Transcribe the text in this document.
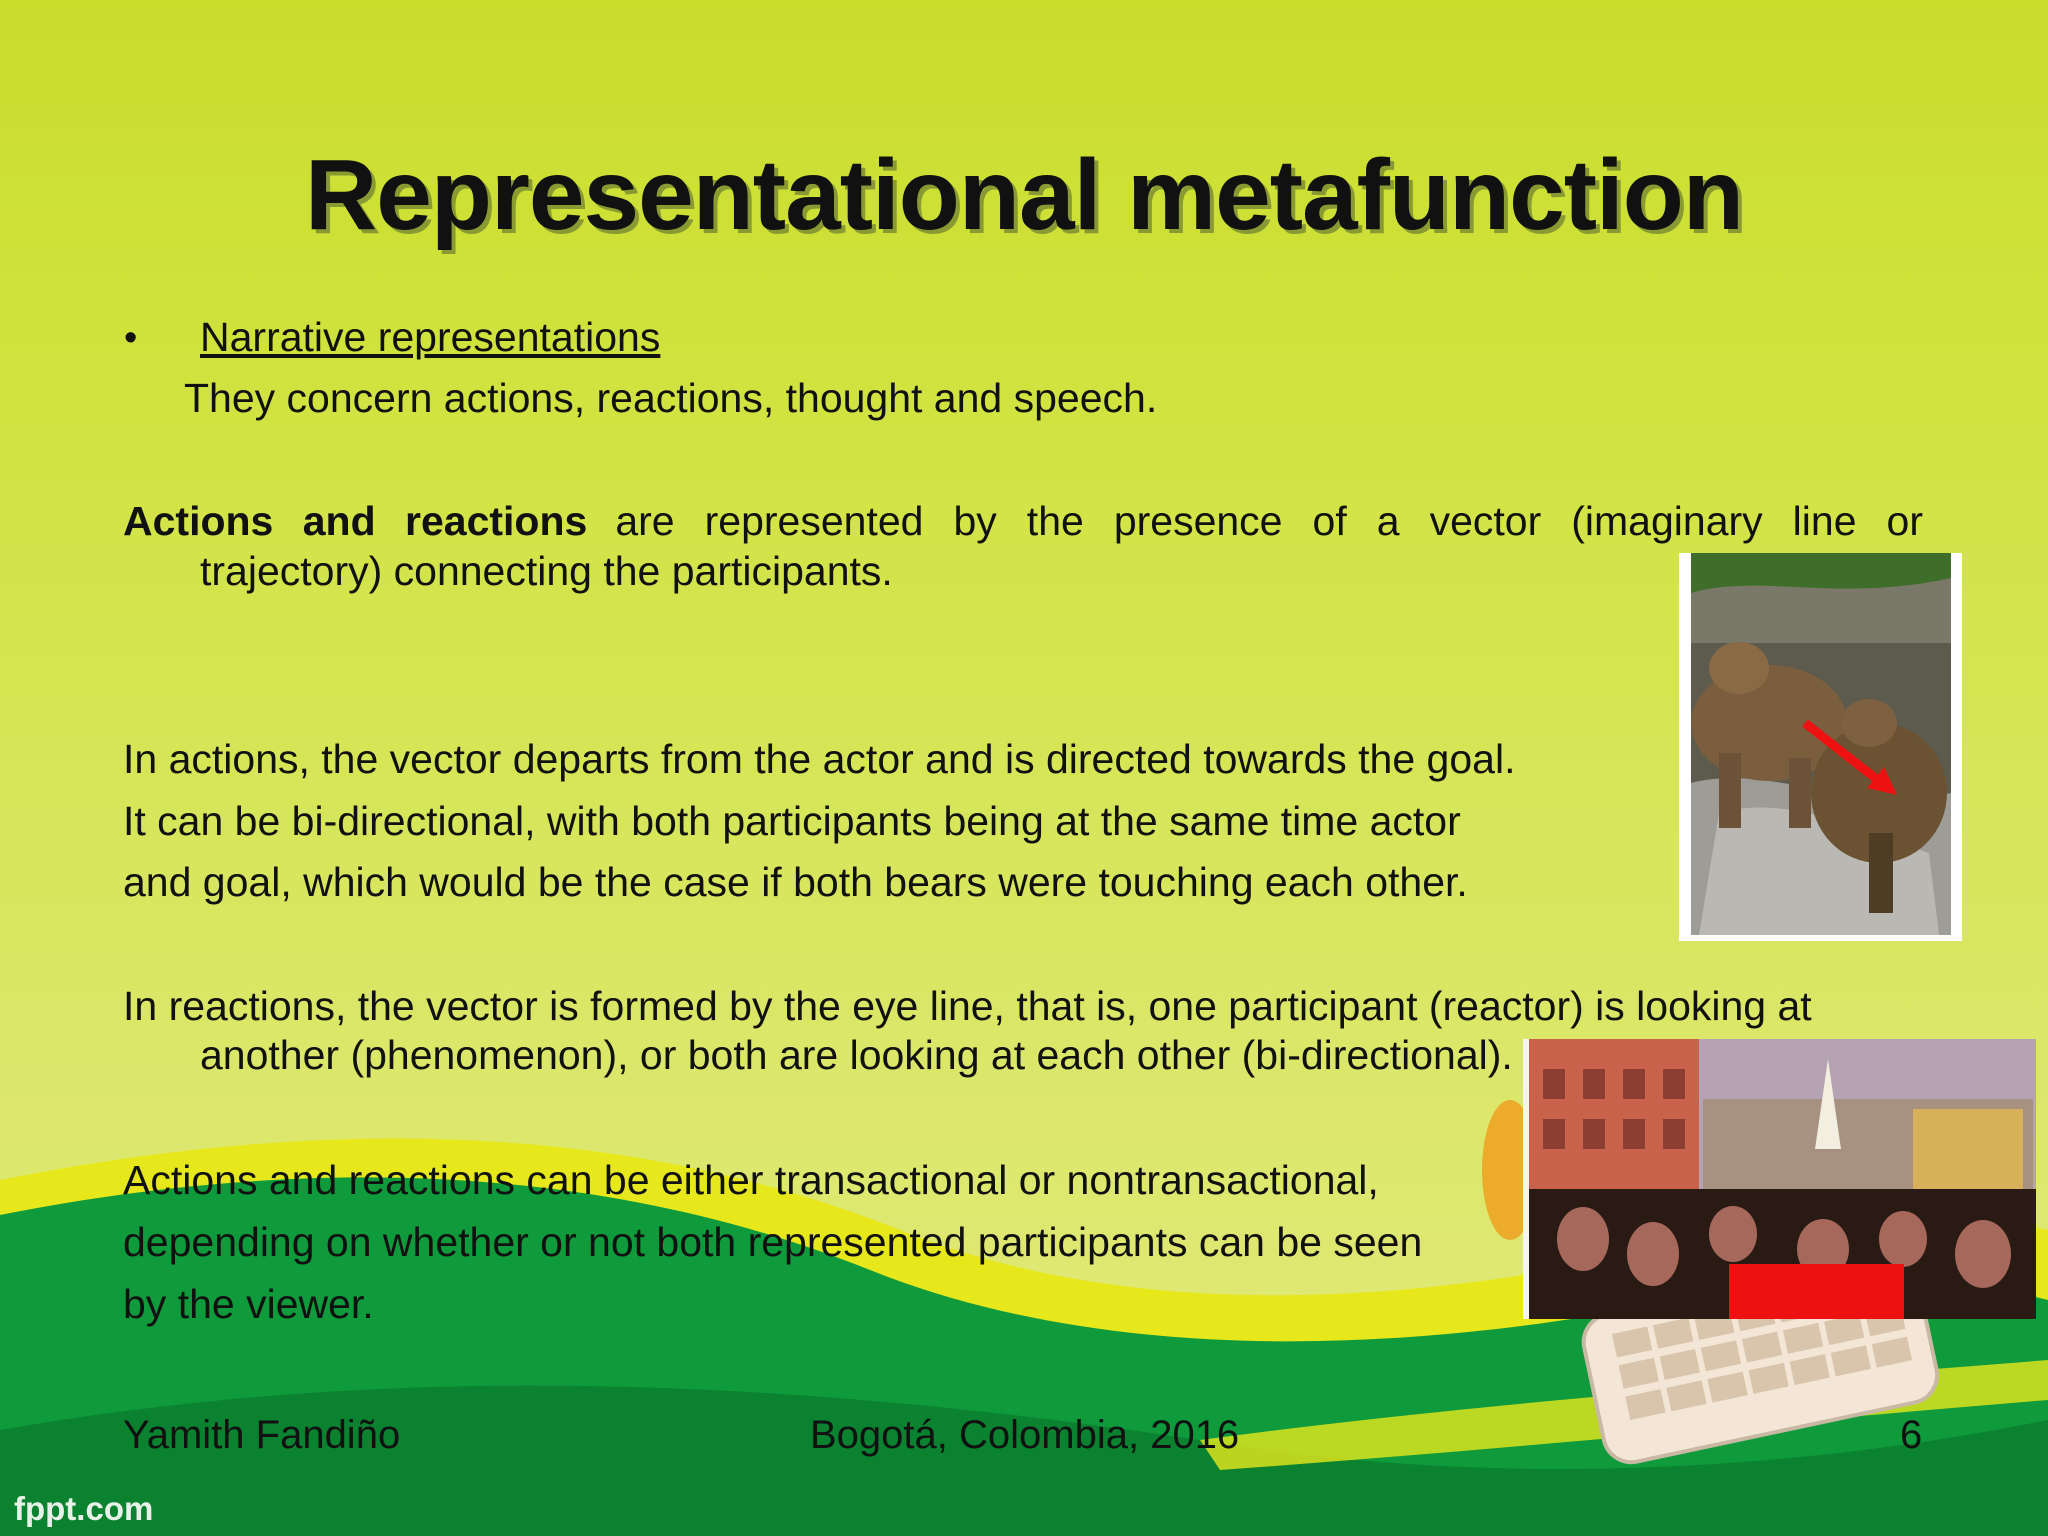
Representational metafunction
• Narrative representations
They concern actions, reactions, thought and speech.
Actions and reactions are represented by the presence of a vector (imaginary line or
trajectory) connecting the participants.
In actions, the vector departs from the actor and is directed towards the goal.
It can be bi-directional, with both participants being at the same time actor
and goal, which would be the case if both bears were touching each other.
In reactions, the vector is formed by the eye line, that is, one participant (reactor) is looking at
another (phenomenon), or both are looking at each other (bi-directional).
Actions and reactions can be either transactional or nontransactional,
depending on whether or not both represented participants can be seen
by the viewer.
Yamith Fandiño	Bogotá, Colombia, 2016	6
fppt.com
